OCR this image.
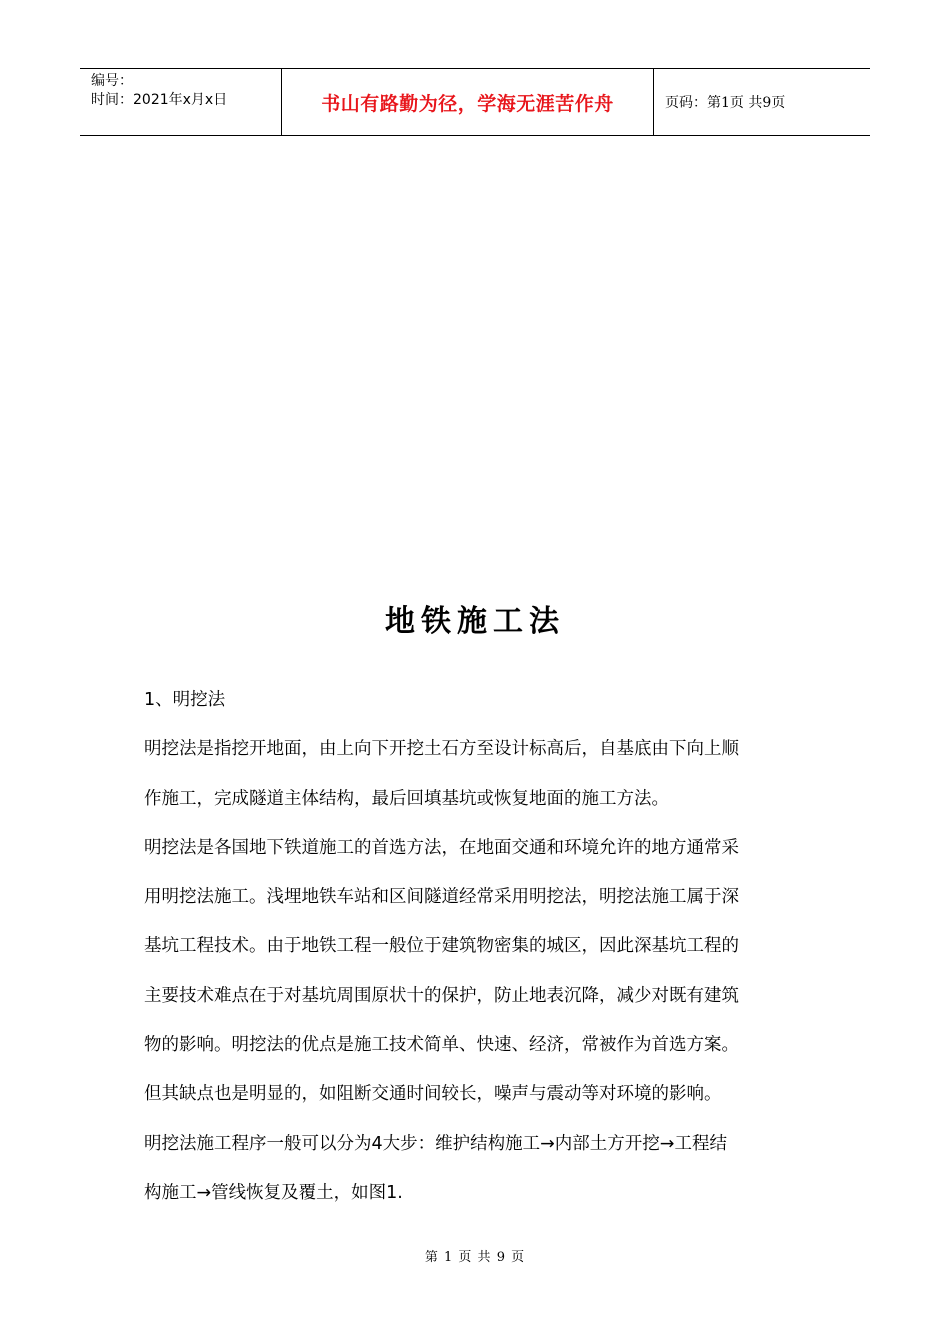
编号：
时间：2021年x月x日	书山有路勤为径，学海无涯苦作舟	页码：第1页 共9页
地铁施工法

1、明挖法

明挖法是指挖开地面，由上向下开挖土石方至设计标高后，自基底由下向上顺

作施工，完成隧道主体结构，最后回填基坑或恢复地面的施工方法。

明挖法是各国地下铁道施工的首选方法，在地面交通和环境允许的地方通常采

用明挖法施工。浅埋地铁车站和区间隧道经常采用明挖法，明挖法施工属于深

基坑工程技术。由于地铁工程一般位于建筑物密集的城区，因此深基坑工程的

主要技术难点在于对基坑周围原状十的保护，防止地表沉降，减少对既有建筑

物的影响。明挖法的优点是施工技术简单、快速、经济，常被作为首选方案。

但其缺点也是明显的，如阻断交通时间较长，噪声与震动等对环境的影响。

明挖法施工程序一般可以分为4大步：维护结构施工→内部土方开挖→工程结

构施工→管线恢复及覆土，如图1.

第 1 页 共 9 页
